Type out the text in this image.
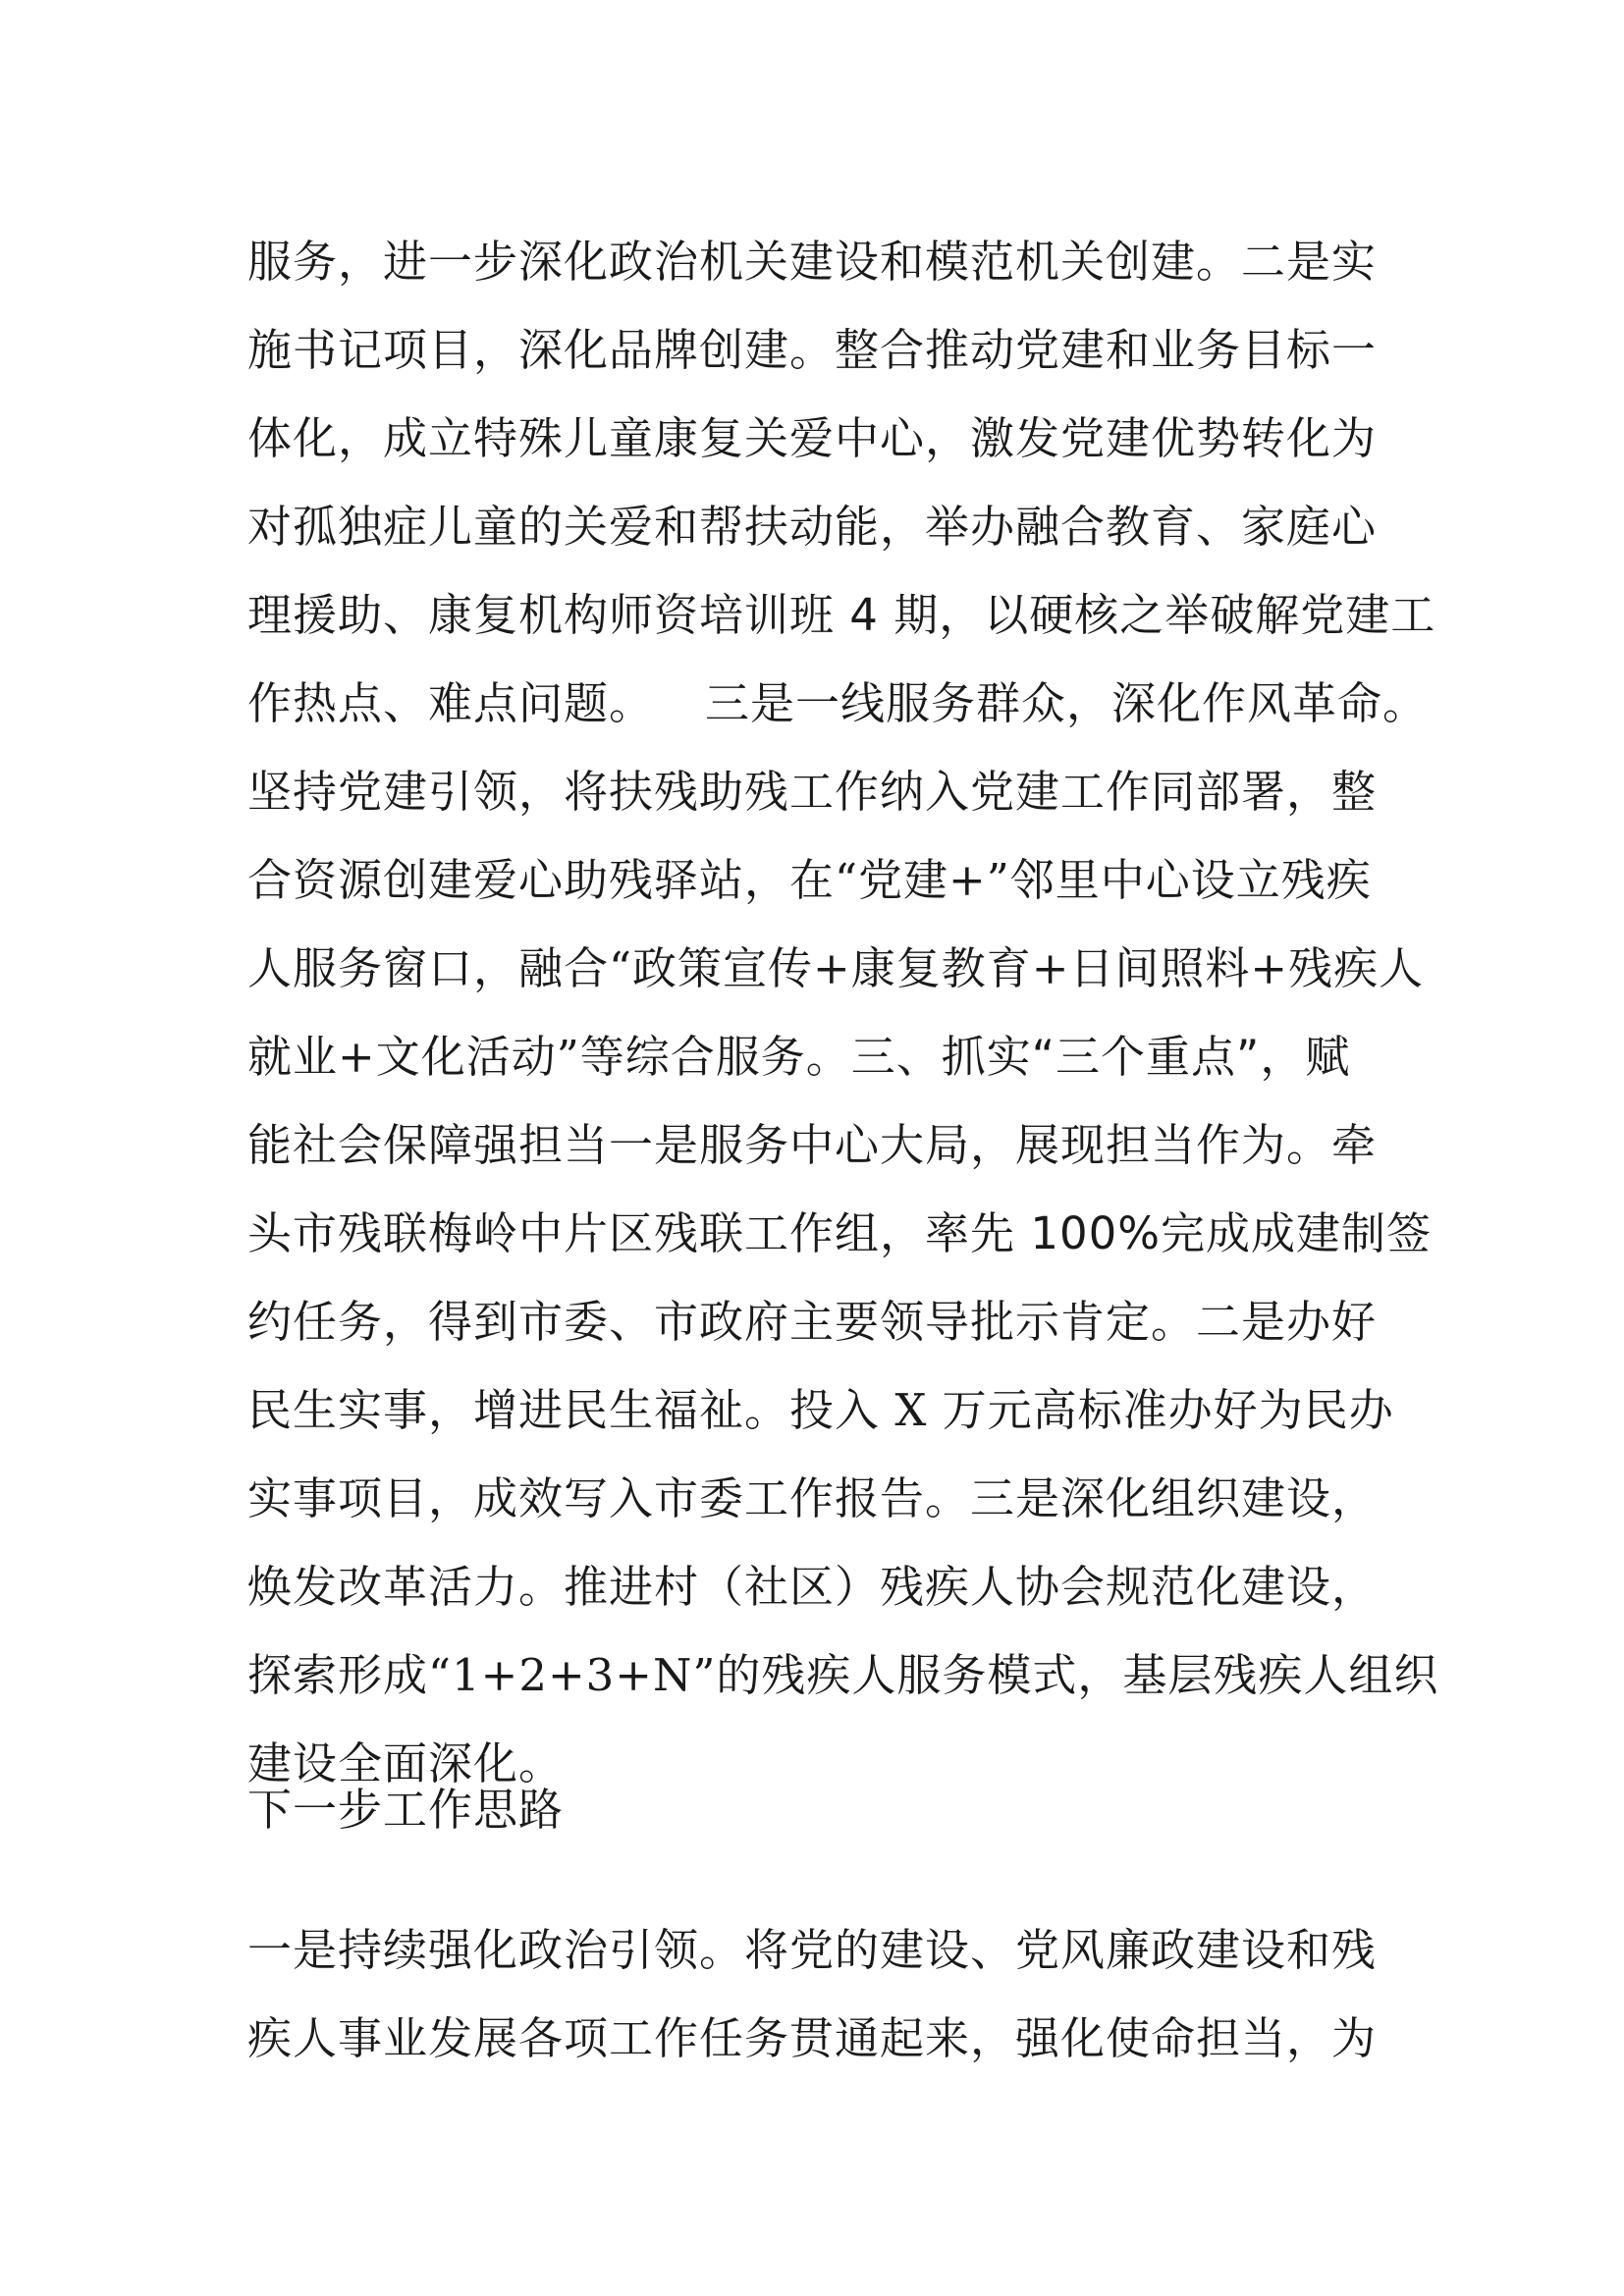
服务，进一步深化政治机关建设和模范机关创建。二是实
施书记项目，深化品牌创建。整合推动党建和业务目标一
体化，成立特殊儿童康复关爱中心，激发党建优势转化为
对孤独症儿童的关爱和帮扶动能，举办融合教育、家庭心
理援助、康复机构师资培训班 4 期，以硬核之举破解党建工
作热点、难点问题。 三是一线服务群众，深化作风革命。
坚持党建引领，将扶残助残工作纳入党建工作同部署，整
合资源创建爱心助残驿站，在“党建+”邻里中心设立残疾
人服务窗口，融合“政策宣传+康复教育+日间照料+残疾人
就业+文化活动”等综合服务。三、抓实“三个重点”，赋
能社会保障强担当一是服务中心大局，展现担当作为。牵
头市残联梅岭中片区残联工作组，率先 100%完成成建制签
约任务，得到市委、市政府主要领导批示肯定。二是办好
民生实事，增进民生福祉。投入 X 万元高标准办好为民办
实事项目，成效写入市委工作报告。三是深化组织建设，
焕发改革活力。推进村（社区）残疾人协会规范化建设，
探索形成“1+2+3+N”的残疾人服务模式，基层残疾人组织
建设全面深化。
下一步工作思路
一是持续强化政治引领。将党的建设、党风廉政建设和残
疾人事业发展各项工作任务贯通起来，强化使命担当，为
